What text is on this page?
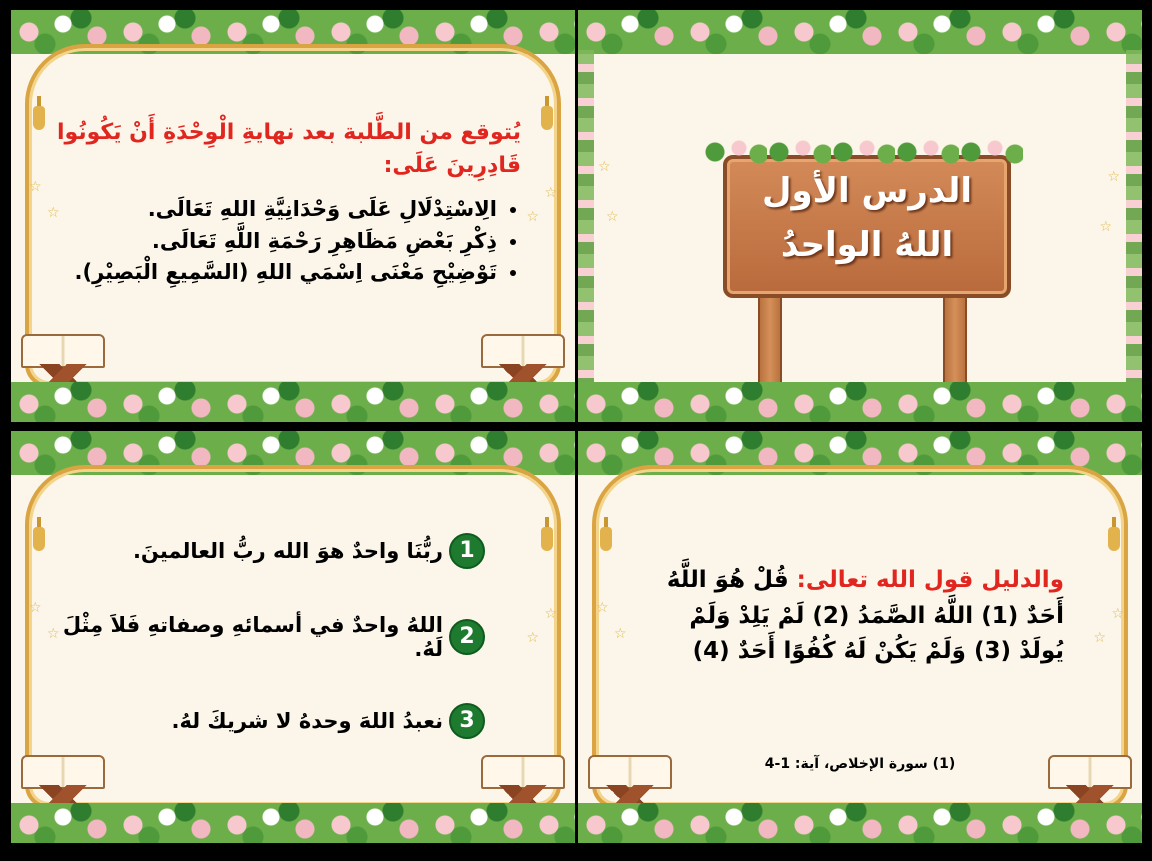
☆
☆
☆
☆
الدرس الأول
اللهُ الواحدُ
☆
☆
☆
☆
يُتوقع من الطَّلبة بعد نهايةِ الْوِحْدَةِ أَنْ يَكُونُوا قَادِرِينَ عَلَى:
• الِاسْتِدْلَالِ عَلَى وَحْدَانِيَّةِ اللهِ تَعَالَى.
• ذِكْرِ بَعْضِ مَظَاهِرِ رَحْمَةِ اللَّهِ تَعَالَى.
• تَوْضِيْحِ مَعْنَى اِسْمَي اللهِ (السَّمِيعِ الْبَصِيْرِ).
☆
☆
☆
☆
والدليل قول الله تعالى: قُلْ هُوَ اللَّهُ أَحَدٌ (1) اللَّهُ الصَّمَدُ (2) لَمْ يَلِدْ وَلَمْ يُولَدْ (3) وَلَمْ يَكُنْ لَهُ كُفُوًا أَحَدٌ (4)
(1) سورة الإخلاص، آية: 1-4
☆
☆
☆
☆
1
ربُّنَا واحدٌ هوَ الله ربُّ العالمينَ.
2
اللهُ واحدٌ في أسمائهِ وصفاتهِ فَلاَ مِثْلَ لَهُ.
3
نعبدُ اللهَ وحدهُ لا شريكَ لهُ.
